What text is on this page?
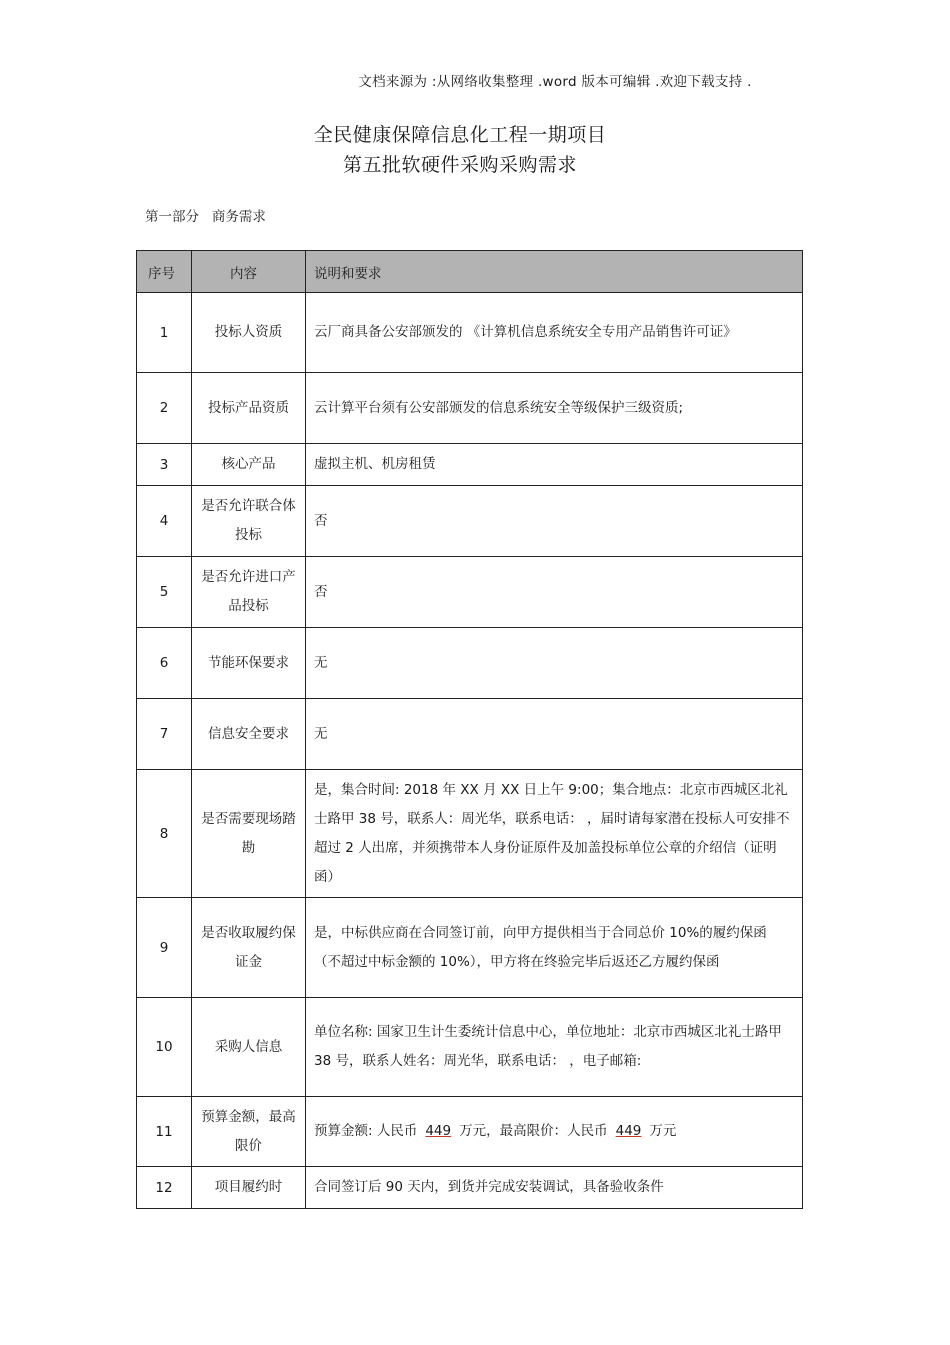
文档来源为 :从网络收集整理 .word 版本可编辑 .欢迎下载支持 .
全民健康保障信息化工程一期项目
第五批软硬件采购采购需求
第一部分   商务需求
序号	内容	说明和要求
1	投标人资质	云厂商具备公安部颁发的 《计算机信息系统安全专用产品销售许可证》
2	投标产品资质	云计算平台须有公安部颁发的信息系统安全等级保护三级资质;
3	核心产品	虚拟主机、机房租赁
4	是否允许联合体投标	否
5	是否允许进口产品投标	否
6	节能环保要求	无
7	信息安全要求	无
8	是否需要现场踏勘	是，集合时间: 2018 年 XX 月 XX 日上午 9:00；集合地点：北京市西城区北礼士路甲 38 号，联系人：周光华，联系电话： ，届时请每家潜在投标人可安排不超过 2 人出席，并须携带本人身份证原件及加盖投标单位公章的介绍信（证明函）
9	是否收取履约保证金	是，中标供应商在合同签订前，向甲方提供相当于合同总价 10%的履约保函（不超过中标金额的 10%），甲方将在终验完毕后返还乙方履约保函
10	采购人信息	单位名称: 国家卫生计生委统计信息中心，单位地址：北京市西城区北礼士路甲 38 号，联系人姓名：周光华，联系电话： ，电子邮箱:
11	预算金额，最高限价	预算金额: 人民币 449 万元，最高限价：人民币 449 万元
12	项目履约时	合同签订后 90 天内，到货并完成安装调试，具备验收条件
